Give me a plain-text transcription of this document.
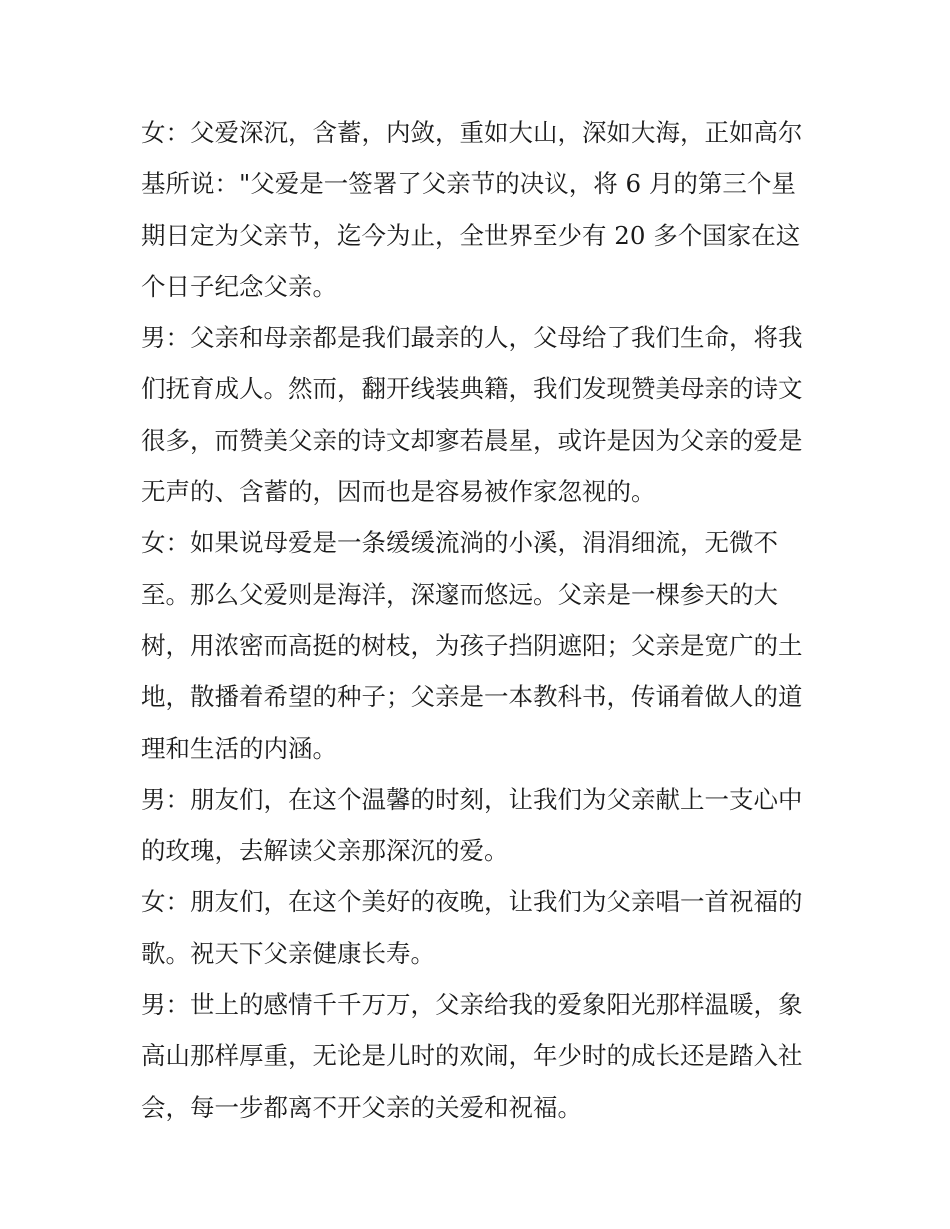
女：父爱深沉，含蓄，内敛，重如大山，深如大海，正如高尔
基所说："父爱是一签署了父亲节的决议，将 6 月的第三个星
期日定为父亲节，迄今为止，全世界至少有 20 多个国家在这
个日子纪念父亲。
男：父亲和母亲都是我们最亲的人，父母给了我们生命，将我
们抚育成人。然而，翻开线装典籍，我们发现赞美母亲的诗文
很多，而赞美父亲的诗文却寥若晨星，或许是因为父亲的爱是
无声的、含蓄的，因而也是容易被作家忽视的。
女：如果说母爱是一条缓缓流淌的小溪，涓涓细流，无微不
至。那么父爱则是海洋，深邃而悠远。父亲是一棵参天的大
树，用浓密而高挺的树枝，为孩子挡阴遮阳；父亲是宽广的土
地，散播着希望的种子；父亲是一本教科书，传诵着做人的道
理和生活的内涵。
男：朋友们，在这个温馨的时刻，让我们为父亲献上一支心中
的玫瑰，去解读父亲那深沉的爱。
女：朋友们，在这个美好的夜晚，让我们为父亲唱一首祝福的
歌。祝天下父亲健康长寿。
男：世上的感情千千万万，父亲给我的爱象阳光那样温暖，象
高山那样厚重，无论是儿时的欢闹，年少时的成长还是踏入社
会，每一步都离不开父亲的关爱和祝福。
